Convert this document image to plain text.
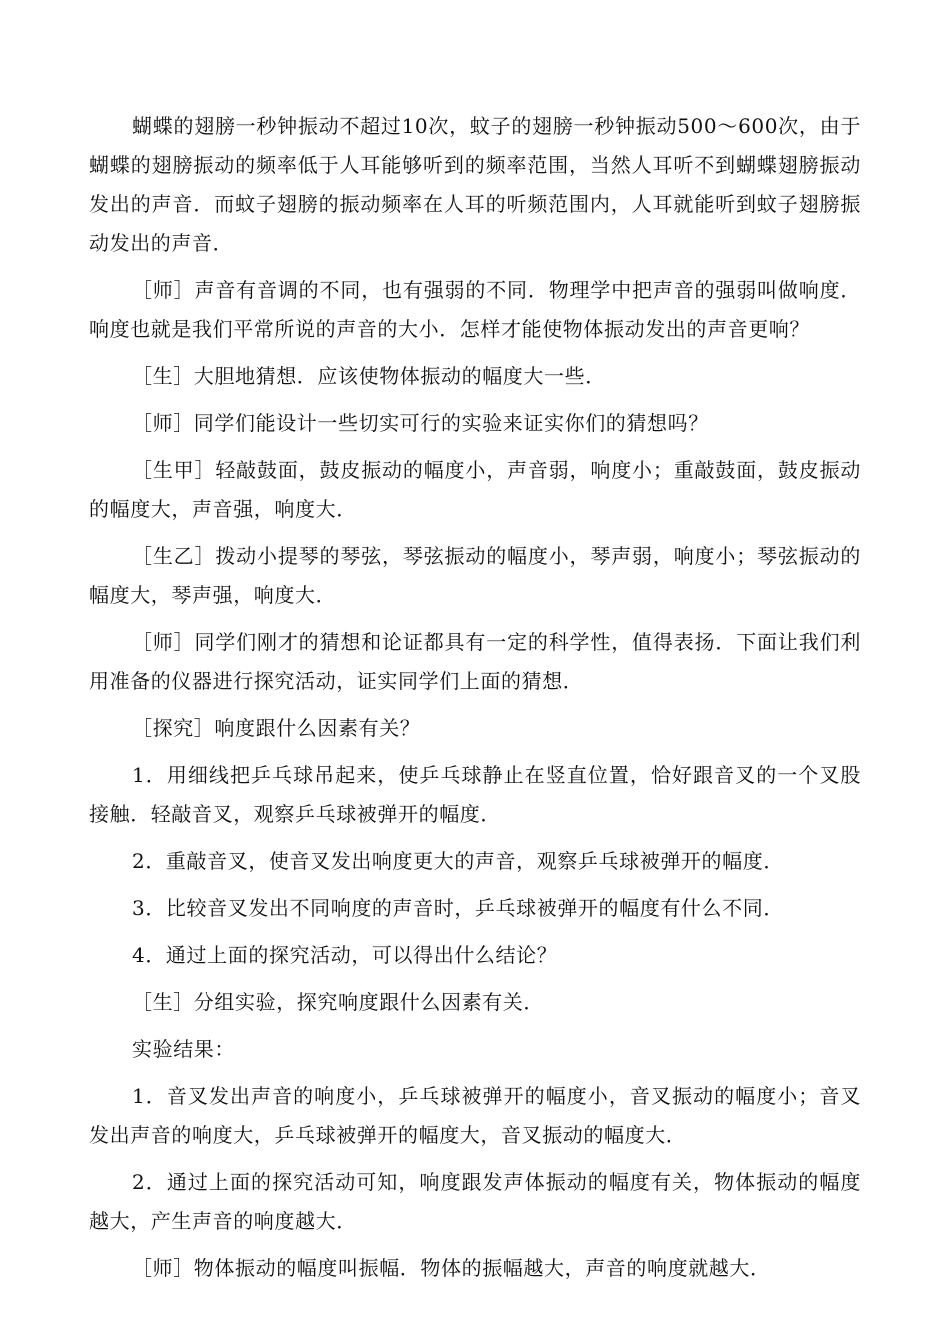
蝴蝶的翅膀一秒钟振动不超过10次，蚊子的翅膀一秒钟振动500～600次，由于蝴蝶的翅膀振动的频率低于人耳能够听到的频率范围，当然人耳听不到蝴蝶翅膀振动发出的声音．而蚊子翅膀的振动频率在人耳的听频范围内，人耳就能听到蚊子翅膀振动发出的声音．

［师］声音有音调的不同，也有强弱的不同．物理学中把声音的强弱叫做响度．响度也就是我们平常所说的声音的大小．怎样才能使物体振动发出的声音更响？

［生］大胆地猜想．应该使物体振动的幅度大一些．

［师］同学们能设计一些切实可行的实验来证实你们的猜想吗？

［生甲］轻敲鼓面，鼓皮振动的幅度小，声音弱，响度小；重敲鼓面，鼓皮振动的幅度大，声音强，响度大．

［生乙］拨动小提琴的琴弦，琴弦振动的幅度小，琴声弱，响度小；琴弦振动的幅度大，琴声强，响度大．

［师］同学们刚才的猜想和论证都具有一定的科学性，值得表扬．下面让我们利用准备的仪器进行探究活动，证实同学们上面的猜想．

［探究］响度跟什么因素有关？

1．用细线把乒乓球吊起来，使乒乓球静止在竖直位置，恰好跟音叉的一个叉股接触．轻敲音叉，观察乒乓球被弹开的幅度．

2．重敲音叉，使音叉发出响度更大的声音，观察乒乓球被弹开的幅度．

3．比较音叉发出不同响度的声音时，乒乓球被弹开的幅度有什么不同．

4．通过上面的探究活动，可以得出什么结论？

［生］分组实验，探究响度跟什么因素有关．

实验结果：

1．音叉发出声音的响度小，乒乓球被弹开的幅度小，音叉振动的幅度小；音叉发出声音的响度大，乒乓球被弹开的幅度大，音叉振动的幅度大．

2．通过上面的探究活动可知，响度跟发声体振动的幅度有关，物体振动的幅度越大，产生声音的响度越大．

［师］物体振动的幅度叫振幅．物体的振幅越大，声音的响度就越大．
